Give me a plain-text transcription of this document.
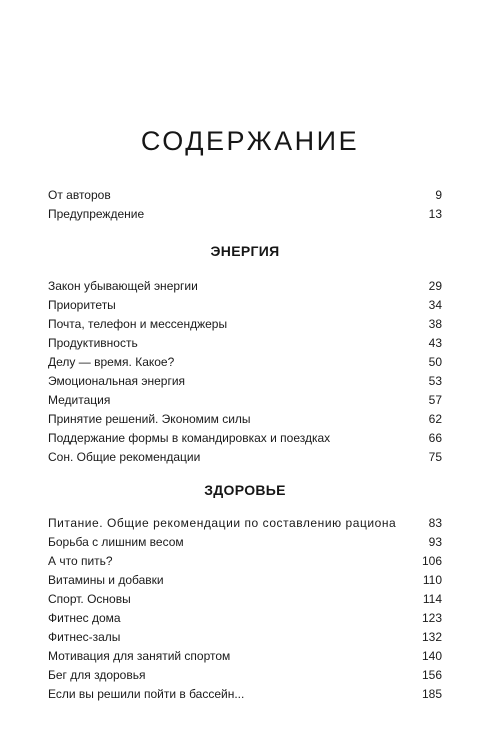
СОДЕРЖАНИЕ
От авторов	9
Предупреждение	13
ЭНЕРГИЯ
Закон убывающей энергии	29
Приоритеты	34
Почта, телефон и мессенджеры	38
Продуктивность	43
Делу — время. Какое?	50
Эмоциональная энергия	53
Медитация	57
Принятие решений. Экономим силы	62
Поддержание формы в командировках и поездках	66
Сон. Общие рекомендации	75
ЗДОРОВЬЕ
Питание. Общие рекомендации по составлению рациона	83
Борьба с лишним весом	93
А что пить?	106
Витамины и добавки	110
Спорт. Основы	114
Фитнес дома	123
Фитнес-залы	132
Мотивация для занятий спортом	140
Бег для здоровья	156
Если вы решили пойти в бассейн...	185
